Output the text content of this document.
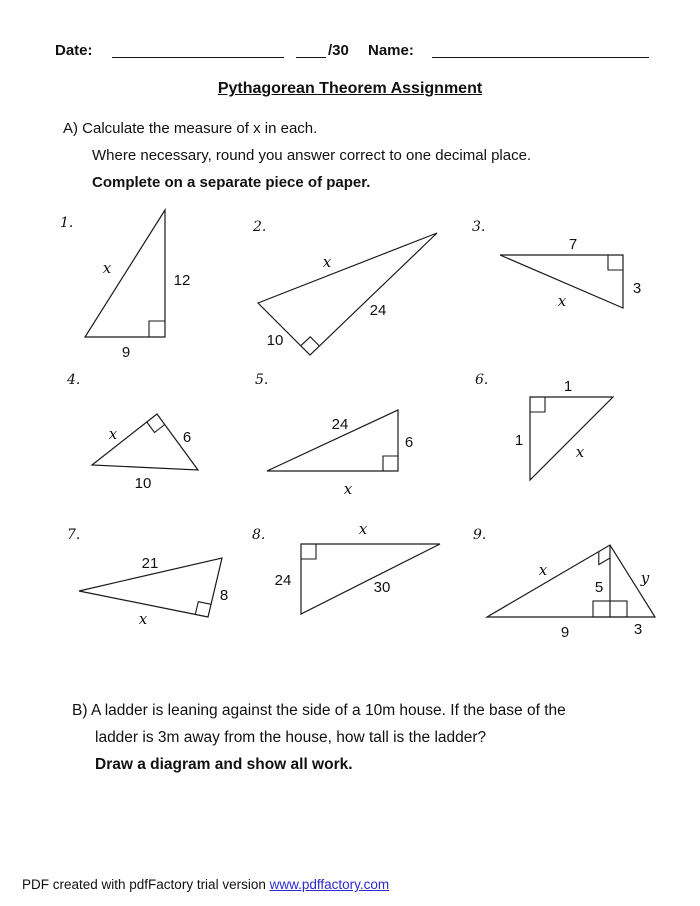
Date:	/30 Name:
Pythagorean Theorem Assignment
A) Calculate the measure of x in each.
Where necessary, round you answer correct to one decimal place.
Complete on a separate piece of paper.
1.
x
12
9
2.
x
24
10
3.
7
3
x
4.
x	6
10
5.
24
6
x
6.	1
1
x
7.
21
8
x
8.	x
24	30
9.
x	y
5
9	3
B) A ladder is leaning against the side of a 10m house. If the base of the
ladder is 3m away from the house, how tall is the ladder?
Draw a diagram and show all work.
PDF created with pdfFactory trial version www.pdffactory.com
